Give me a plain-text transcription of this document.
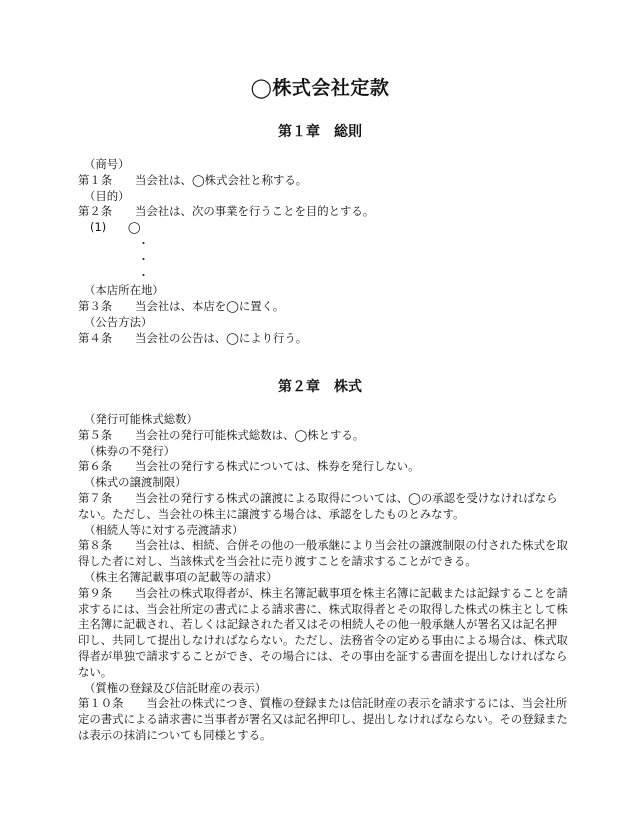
◯株式会社定款
第１章　総則
（商号）
第１条　　 当会社は、◯株式会社と称する。
（目的）
第２条　　 当会社は、次の事業を行うことを目的とする。
(1) ◯
・
・
・
（本店所在地）
第３条　　 当会社は、本店を◯に置く。
（公告方法）
第４条　　 当会社の公告は、◯により行う。
第２章　株式
（発行可能株式総数）
第５条　　 当会社の発行可能株式総数は、◯株とする。
（株券の不発行）
第６条　　 当会社の発行する株式については、株券を発行しない。
（株式の譲渡制限）
第７条　　 当会社の発行する株式の譲渡による取得については、◯の承認を受けなければならない。ただし、当会社の株主に譲渡する場合は、承認をしたものとみなす。
（相続人等に対する売渡請求）
第８条　　 当会社は、相続、合併その他の一般承継により当会社の譲渡制限の付された株式を取得した者に対し、当該株式を当会社に売り渡すことを請求することができる。
（株主名簿記載事項の記載等の請求）
第９条　　 当会社の株式取得者が、株主名簿記載事項を株主名簿に記載または記録することを請求するには、当会社所定の書式による請求書に、株式取得者とその取得した株式の株主として株主名簿に記載され、若しくは記録された者又はその相続人その他一般承継人が署名又は記名押印し、共同して提出しなければならない。ただし、法務省令の定める事由による場合は、株式取得者が単独で請求することができ、その場合には、その事由を証する書面を提出しなければならない。
（質権の登録及び信託財産の表示）
第１０条　　 当会社の株式につき、質権の登録または信託財産の表示を請求するには、当会社所定の書式による請求書に当事者が署名又は記名押印し、提出しなければならない。その登録または表示の抹消についても同様とする。
